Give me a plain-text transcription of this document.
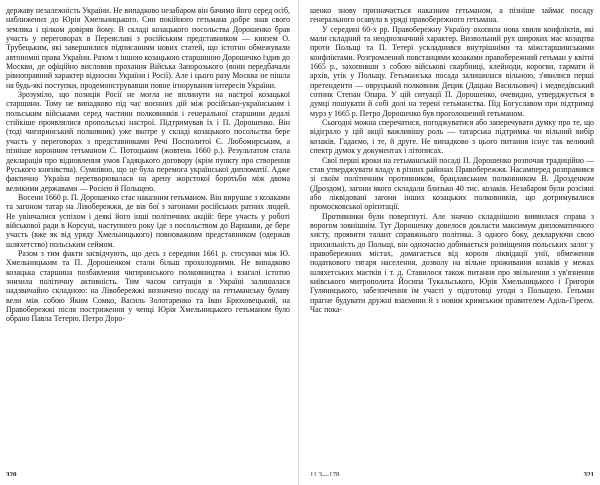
державу незалежність України. Не випадково незабаром він бачимо його серед осіб, наближених до Юрія Хмельницького. Син покійного гетьмана добре знав свого земляка і цілком довіряв йому. В складі козацького посольства Дорошенко брав участь у переговорах в Переяславі з російським представником — князем О. Трубецьким, які завершилися підписанням нових статей, що істотно обмежували автономні права України. Разом з іншою козацькою старшиною Дорошенко їздив до Москви, де офіційно висловив прохання Війська Запорозького (вони передбачали рівноправний характер відносин України і Росії). Але і цього разу Москва не пішла на будь-які поступки, продемонструвавши повне ігнорування інтересів України.

Зрозуміло, що позиція Росії не могла не вплинути на настрої козацької старшини. Тому не випадково під час воєнних дій між російсько-українським і польським військами серед частини полковників і генеральної старшини дедалі стійкіше проявлялися пропольські настрої. Підтримував їх і П. Дорошенко. Він (тоді чигиринський полковник) уже вкотре у складі козацького посольства бере участь у переговорах з представниками Речі Посполитої Є. Любомирським, а пізніше коронним гетьманом С. Потоцьким (жовтень 1660 р.). Результатом стала декларація про відновлення умов Гадяцького договору (крім пункту про створення Руського князівства). Сумнівно, що це була перемога української дипломатії. Адже фактично Україна перетворювалася на арену жорстокої боротьби між двома великими державами — Росією й Польщею.

Восени 1660 р. П. Дорошенко стає наказним гетьманом. Він вирушає з козаками та загоном татар на Лівобережжя, де вів бої з загонами російських ратних людей. Не увінчалися успіхом і деякі його інші політичних акцій: бере участь у роботі військової ради в Корсуні, наступного року їде з посольством до Варшави, де бере участь (вже як від уряду Хмельницького) повноважним представником (одержав шляхетство) польським сеймом.

Разом з тим факти засвідчують, що десь з середини 1661 р. стосунки між Ю. Хмельницьким та П. Дорошенком стали більш прохолодними. Не випадково козацька старшина позбавлення чигиринського полковництва і взагалі істотно знизила політичну активність. Тим часом ситуація в Україні залишалася надзвичайно складною: на Лівобережжі визначено посаду на гетьманську булаву вели між собою Яким Сомко, Василь Золотаренко та Іван Брюховецький, на Правобережжі після постриження у ченці Юрія Хмельницького гетьманом було обрано Павла Тетерю. Петро Доро-

320

шенко знову призначається наказним гетьманом, а пізніше займає посаду генерального осавула в уряді правобережного гетьмана.

У середині 60-х рр. Правобережну Україну охопила нова хвиля конфліктів, які мали складний та неоднозначний характер. Визвольний рух широких мас козацтва проти Польщі та П. Тетері ускладнився внутрішніми та міжстаршинськими конфліктами. Розгромлений повстанцями козаками правобережний гетьман у квітні 1665 р., захопивши з собою військові скарбниці, клейноди, корогви, гармати й архів, утік у Польщу. Гетьманська посада залишилася вільною, з'явилися перші претенденти — овруцький полковник Децик (Дацько Васильович) і медведівський сотник Степан Опара. У цій ситуації П. Дорошенко, очевидно, утверджується в думці пошукати й собі долі на терені гетьманства. Під Богуславом при підтримці мурз у 1665 р. Петро Дорошенко був проголошений гетьманом.

Сьогодні можна сперечатися, погоджуватися або заперечувати думку про те, що відіграло у цій акції важливішу роль — татарська підтримка чи вільний вибір козаків. Гадаємо, і те, й друге. Не випадково з цього питання існує так великий спектр думок у документах і літописах.

Свої перші кроки на гетьманській посаді П. Дорошенко розпочав традиційно — став утверджувати владу в різних районах Правобережжя. Насамперед розправився зі своїм політичним противником, брацлавським полковником В. Дрозденком (Дроздом), загони якого складали близько 40 тис. козаків. Незабаром були розсіяні або ліквідовані загони інших козацьких полковників, що дотримувалися промосковської орієнтації.

Противники були повергнуті. Але значно складнішою виявилася справа з ворогом зовнішнім. Тут Дорошенку довелося докласти максимум дипломатичного хисту, проявити талант справжнього політика. З одного боку, декларуючи свою прихильність до Польщі, він одночасно добивається розміщення польських залог у правобережних містах, домагається від короля ліквідації унії, обмеження податкового тягаря населення, дозволу на вільне проживання козаків у межах шляхетських маєтків і т. д. Ставилося також питання про звільнення з ув'язнення київського митрополита Йосипа Тукальського, Юрія Хмельницького і Григорія Гуляницького, забезпечення їм участі у підготовці угоди з Польщею. Гетьман прагне будувати дружні взаємини й з новим кримським правителем Аділь-Гіреєм. Час пока-

11 3—178	321
